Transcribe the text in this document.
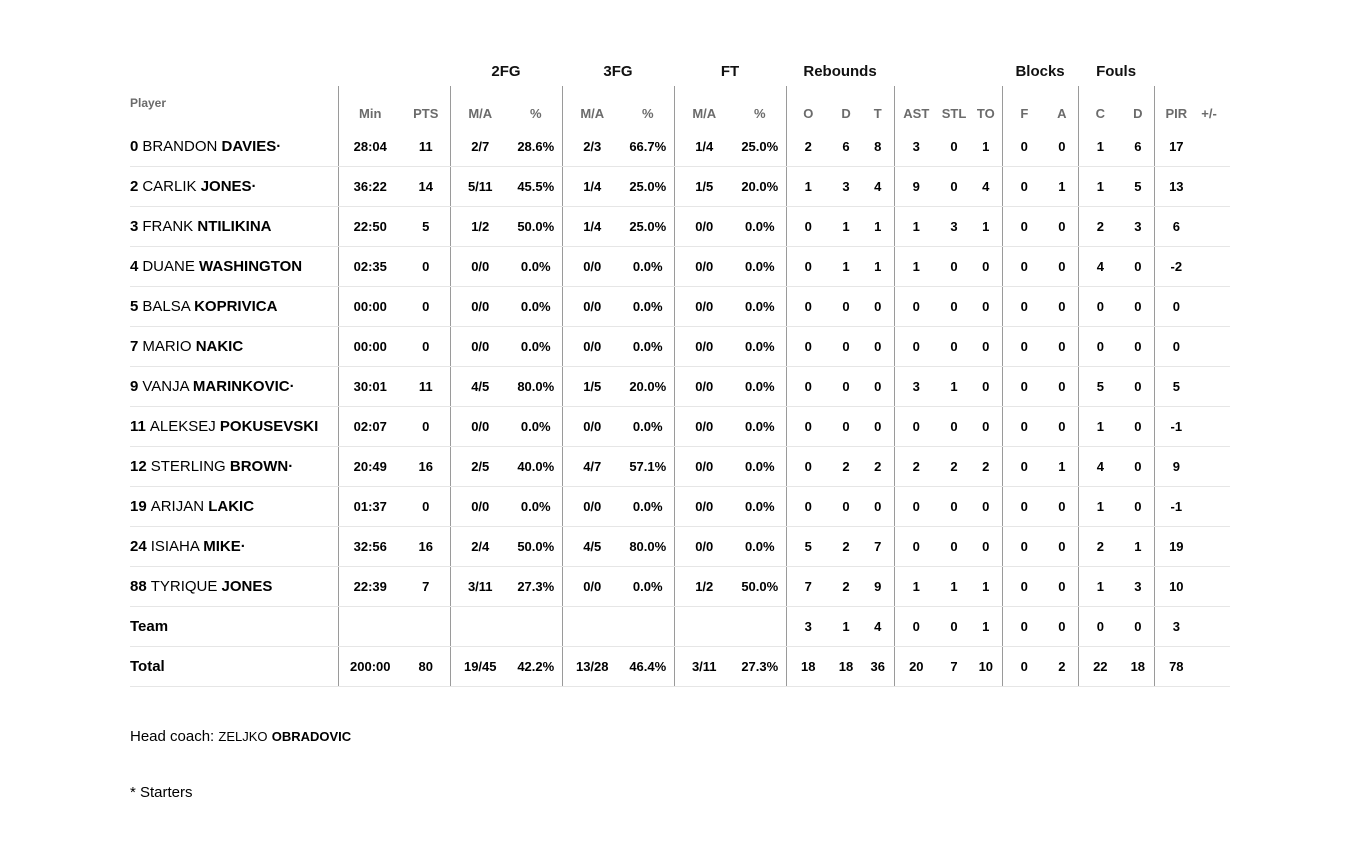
			2FG		3FG		FT		Rebounds						Blocks		Fouls				
Player	Min	PTS	M/A	%	M/A	%	M/A	%	O	D	T	AST	STL	TO	F	A	C	D	PIR	+/-	
0 BRANDON DAVIES·	28:04	11	2/7	28.6%	2/3	66.7%	1/4	25.0%	2	6	8	3	0	1	0	0	1	6	17		
2 CARLIK JONES·	36:22	14	5/11	45.5%	1/4	25.0%	1/5	20.0%	1	3	4	9	0	4	0	1	1	5	13		
3 FRANK NTILIKINA	22:50	5	1/2	50.0%	1/4	25.0%	0/0	0.0%	0	1	1	1	3	1	0	0	2	3	6		
4 DUANE WASHINGTON	02:35	0	0/0	0.0%	0/0	0.0%	0/0	0.0%	0	1	1	1	0	0	0	0	4	0	-2		
5 BALSA KOPRIVICA	00:00	0	0/0	0.0%	0/0	0.0%	0/0	0.0%	0	0	0	0	0	0	0	0	0	0	0		
7 MARIO NAKIC	00:00	0	0/0	0.0%	0/0	0.0%	0/0	0.0%	0	0	0	0	0	0	0	0	0	0	0		
9 VANJA MARINKOVIC·	30:01	11	4/5	80.0%	1/5	20.0%	0/0	0.0%	0	0	0	3	1	0	0	0	5	0	5		
11 ALEKSEJ POKUSEVSKI	02:07	0	0/0	0.0%	0/0	0.0%	0/0	0.0%	0	0	0	0	0	0	0	0	1	0	-1		
12 STERLING BROWN·	20:49	16	2/5	40.0%	4/7	57.1%	0/0	0.0%	0	2	2	2	2	2	0	1	4	0	9		
19 ARIJAN LAKIC	01:37	0	0/0	0.0%	0/0	0.0%	0/0	0.0%	0	0	0	0	0	0	0	0	1	0	-1		
24 ISIAHA MIKE·	32:56	16	2/4	50.0%	4/5	80.0%	0/0	0.0%	5	2	7	0	0	0	0	0	2	1	19		
88 TYRIQUE JONES	22:39	7	3/11	27.3%	0/0	0.0%	1/2	50.0%	7	2	9	1	1	1	0	0	1	3	10		
Team									3	1	4	0	0	1	0	0	0	0	3		
Total	200:00	80	19/45	42.2%	13/28	46.4%	3/11	27.3%	18	18	36	20	7	10	0	2	22	18	78		
Head coach: ZELJKO OBRADOVIC
* Starters
